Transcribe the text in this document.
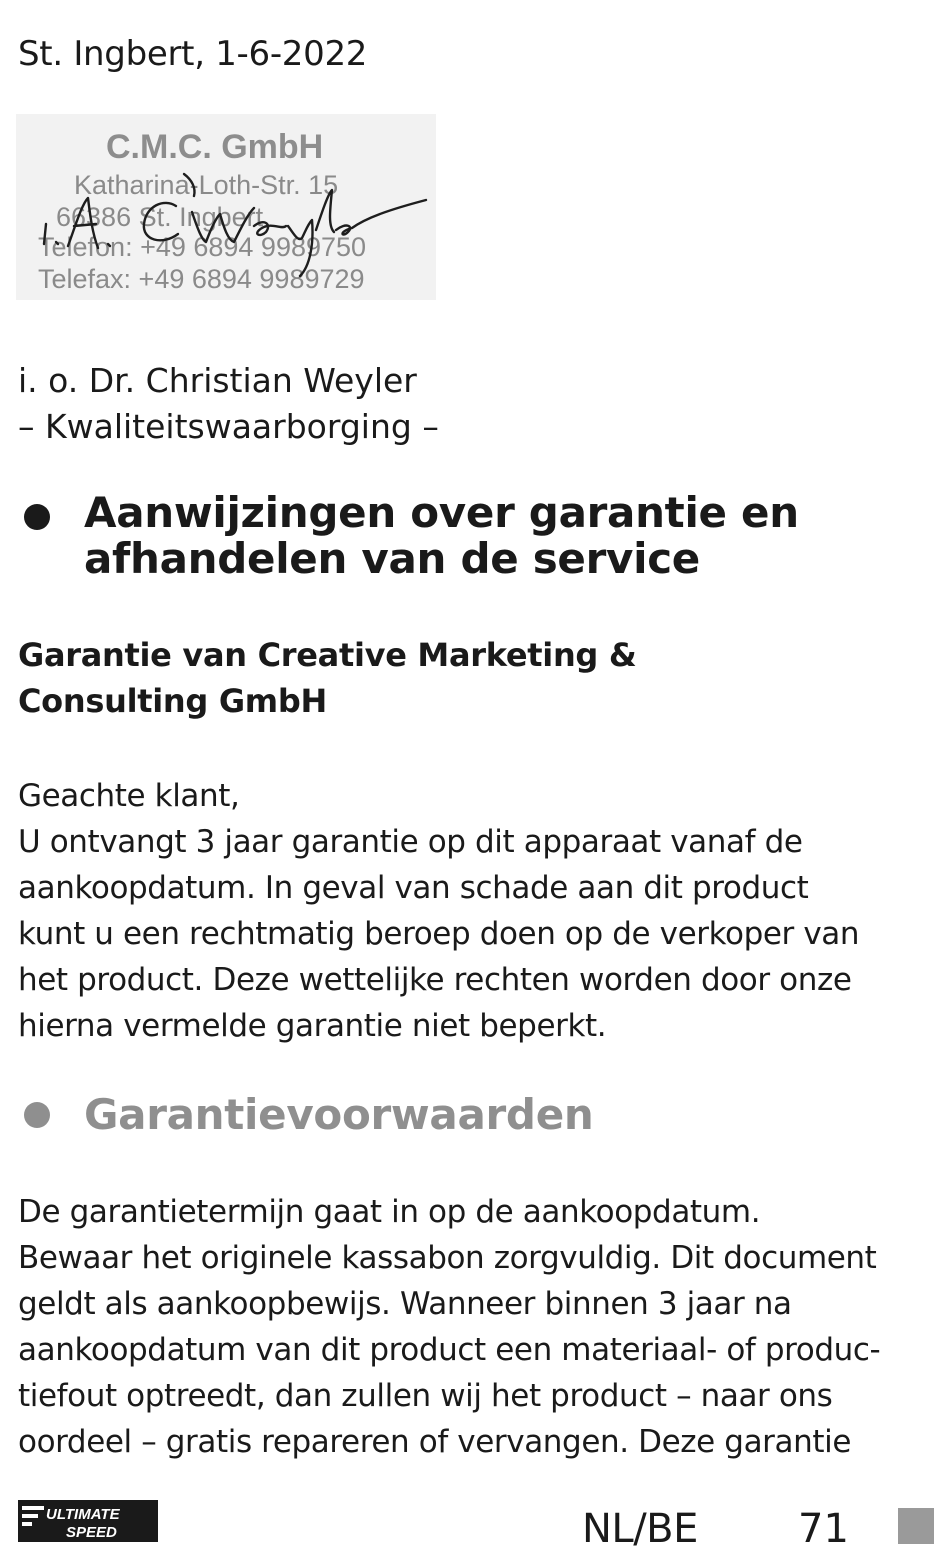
St. Ingbert, 1-6-2022
C.M.C. GmbH
Katharina-Loth-Str. 15
66386 St. Ingbert
Telefon: +49 6894 9989750
Telefax: +49 6894 9989729
i. o. Dr. Christian Weyler
– Kwaliteitswaarborging –
Aanwijzingen over garantie en
afhandelen van de service
Garantie van Creative Marketing &
Consulting GmbH
Geachte klant,
U ontvangt 3 jaar garantie op dit apparaat vanaf de
aankoopdatum. In geval van schade aan dit product
kunt u een rechtmatig beroep doen op de verkoper van
het product. Deze wettelijke rechten worden door onze
hierna vermelde garantie niet beperkt.
Garantievoorwaarden
De garantietermijn gaat in op de aankoopdatum.
Bewaar het originele kassabon zorgvuldig. Dit document
geldt als aankoopbewijs. Wanneer binnen 3 jaar na
aankoopdatum van dit product een materiaal- of produc-
tiefout optreedt, dan zullen wij het product – naar ons
oordeel – gratis repareren of vervangen. Deze garantie
ULTIMATE
SPEED	NL/BE	71
